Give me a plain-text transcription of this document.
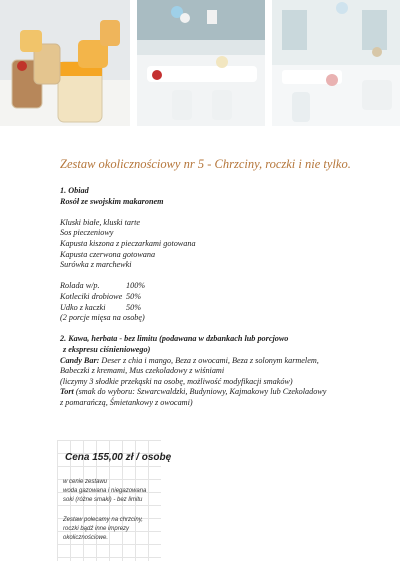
Zestaw okolicznościowy nr 5 - Chrzciny, roczki i nie tylko.

1. Obiad

Rosół ze swojskim makaronem

Kluski białe, kluski tarte

Sos pieczeniowy

Kapusta kiszona z pieczarkami gotowana

Kapusta czerwona gotowana

Surówka z marchewki

Rolada w/p.	100%
Kotleciki drobiowe 50%
Udko z kaczki	50%

(2 porcje mięsa na osobę)

2. Kawa, herbata - bez limitu (podawana w dzbankach lub porcjowo

z ekspresu ciśnieniowego)

Candy Bar: Deser z chia i mango, Beza z owocami, Beza z solonym karmelem,

Babeczki z kremami, Mus czekoladowy z wiśniami

(liczymy 3 słodkie przekąski na osobę, możliwość modyfikacji smaków)

Tort (smak do wyboru: Szwarcwaldzki, Budyniowy, Kajmakowy lub Czekoladowy

z pomarańczą, Śmietankowy z owocami)

Cena 155,00 zł / osobę
w cenie zestawu
woda gazowana i niegazowana
soki (różne smaki) - bez limitu
Zestaw polecamy na chrzciny,
roczki bądź inne imprezy
okolicznościowe.
